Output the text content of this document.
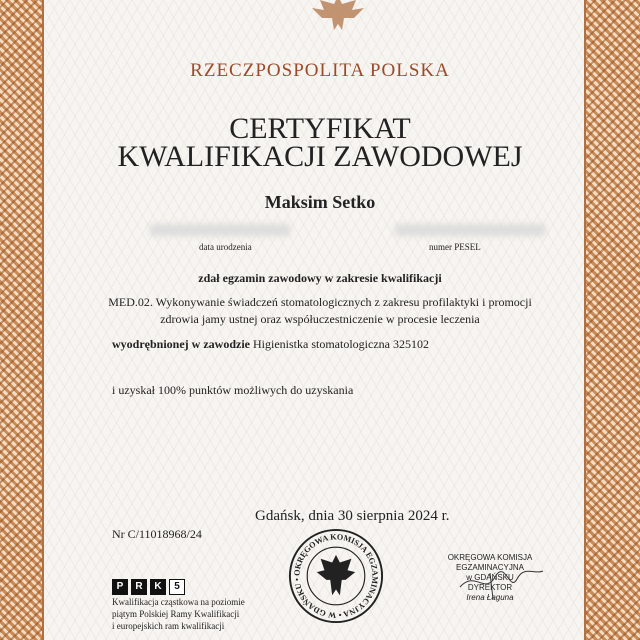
RZECZPOSPOLITA POLSKA
CERTYFIKAT
KWALIFIKACJI ZAWODOWEJ
Maksim Setko
data urodzenia	numer PESEL
zdał egzamin zawodowy w zakresie kwalifikacji
MED.02. Wykonywanie świadczeń stomatologicznych z zakresu profilaktyki i promocji zdrowia jamy ustnej oraz współuczestniczenie w procesie leczenia
wyodrębnionej w zawodzie Higienistka stomatologiczna 325102
i uzyskał 100% punktów możliwych do uzyskania
Gdańsk, dnia 30 sierpnia 2024 r.
Nr C/11018968/24
P R K 5
Kwalifikacja cząstkowa na poziomie
piątym Polskiej Ramy Kwalifikacji
i europejskich ram kwalifikacji
OKRĘGOWA KOMISJA EGZAMINACYJNA • W GDAŃSKU •
OKRĘGOWA KOMISJA EGZAMINACYJNA
w GDAŃSKU
DYREKTOR
Irena Łaguna
